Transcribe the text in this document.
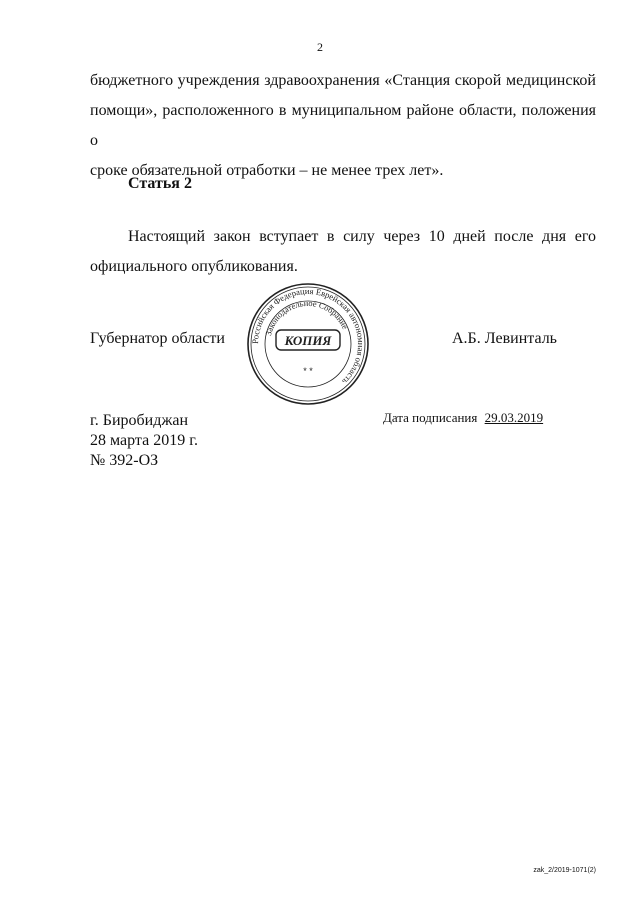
2
бюджетного учреждения здравоохранения «Станция скорой медицинской
помощи», расположенного в муниципальном районе области, положения о
сроке обязательной отработки – не менее трех лет».
Статья 2
Настоящий закон вступает в силу через 10 дней после дня его
официального опубликования.
Губернатор области	А.Б. Левинталь
Российская Федерация Еврейская автономная область
Законодательное Собрание
КОПИЯ
* *
г. Биробиджан
28 марта 2019 г.
№ 392-ОЗ
Дата подписания 29.03.2019
zak_2/2019-1071(2)
